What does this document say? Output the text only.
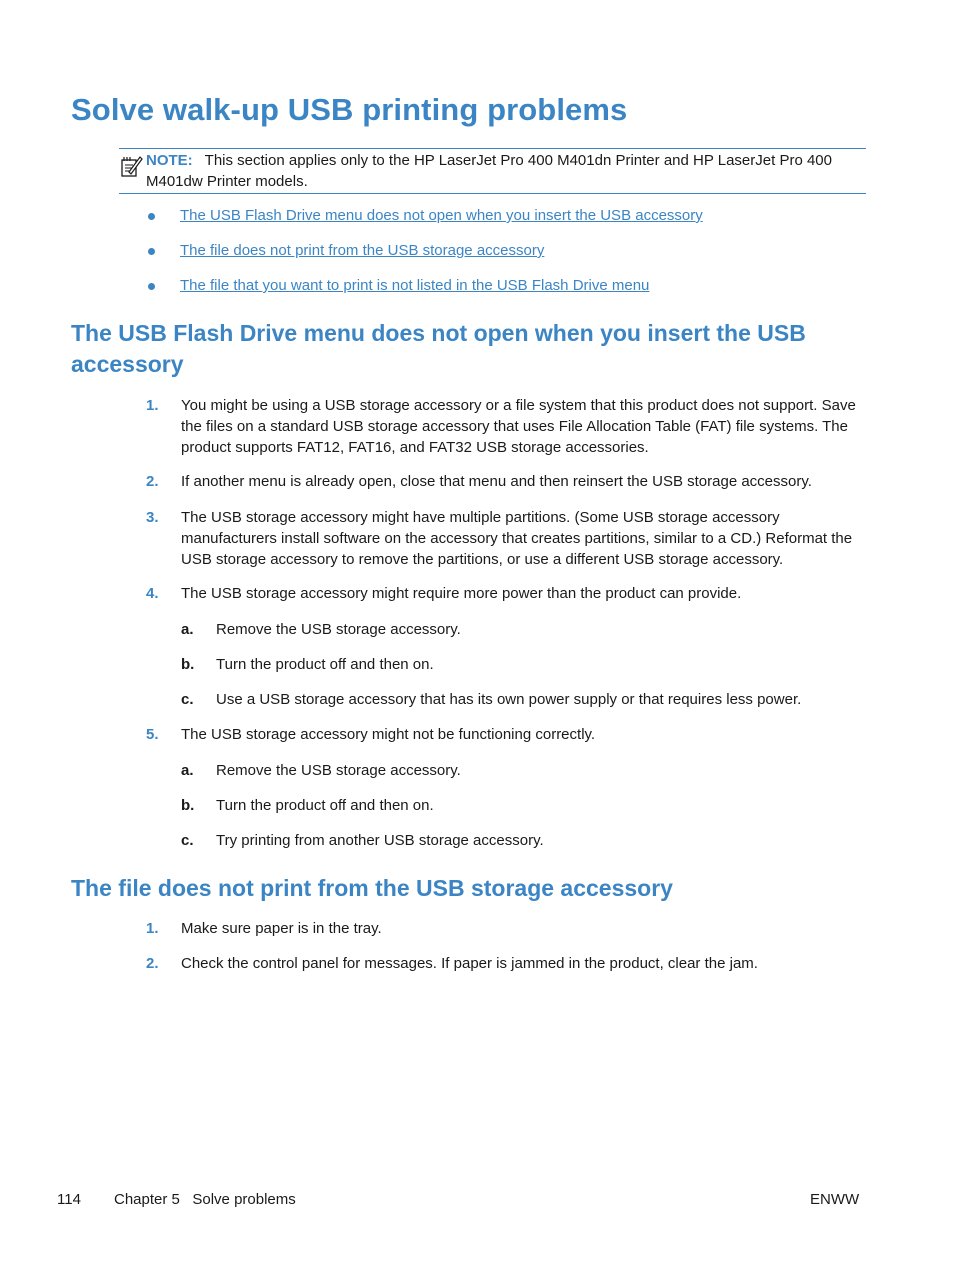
Solve walk-up USB printing problems
NOTE: This section applies only to the HP LaserJet Pro 400 M401dn Printer and HP LaserJet Pro 400 M401dw Printer models.
The USB Flash Drive menu does not open when you insert the USB accessory
The file does not print from the USB storage accessory
The file that you want to print is not listed in the USB Flash Drive menu
The USB Flash Drive menu does not open when you insert the USB accessory
1. You might be using a USB storage accessory or a file system that this product does not support. Save the files on a standard USB storage accessory that uses File Allocation Table (FAT) file systems. The product supports FAT12, FAT16, and FAT32 USB storage accessories.
2. If another menu is already open, close that menu and then reinsert the USB storage accessory.
3. The USB storage accessory might have multiple partitions. (Some USB storage accessory manufacturers install software on the accessory that creates partitions, similar to a CD.) Reformat the USB storage accessory to remove the partitions, or use a different USB storage accessory.
4. The USB storage accessory might require more power than the product can provide.
a. Remove the USB storage accessory.
b. Turn the product off and then on.
c. Use a USB storage accessory that has its own power supply or that requires less power.
5. The USB storage accessory might not be functioning correctly.
a. Remove the USB storage accessory.
b. Turn the product off and then on.
c. Try printing from another USB storage accessory.
The file does not print from the USB storage accessory
1. Make sure paper is in the tray.
2. Check the control panel for messages. If paper is jammed in the product, clear the jam.
114 Chapter 5   Solve problems	ENWW
